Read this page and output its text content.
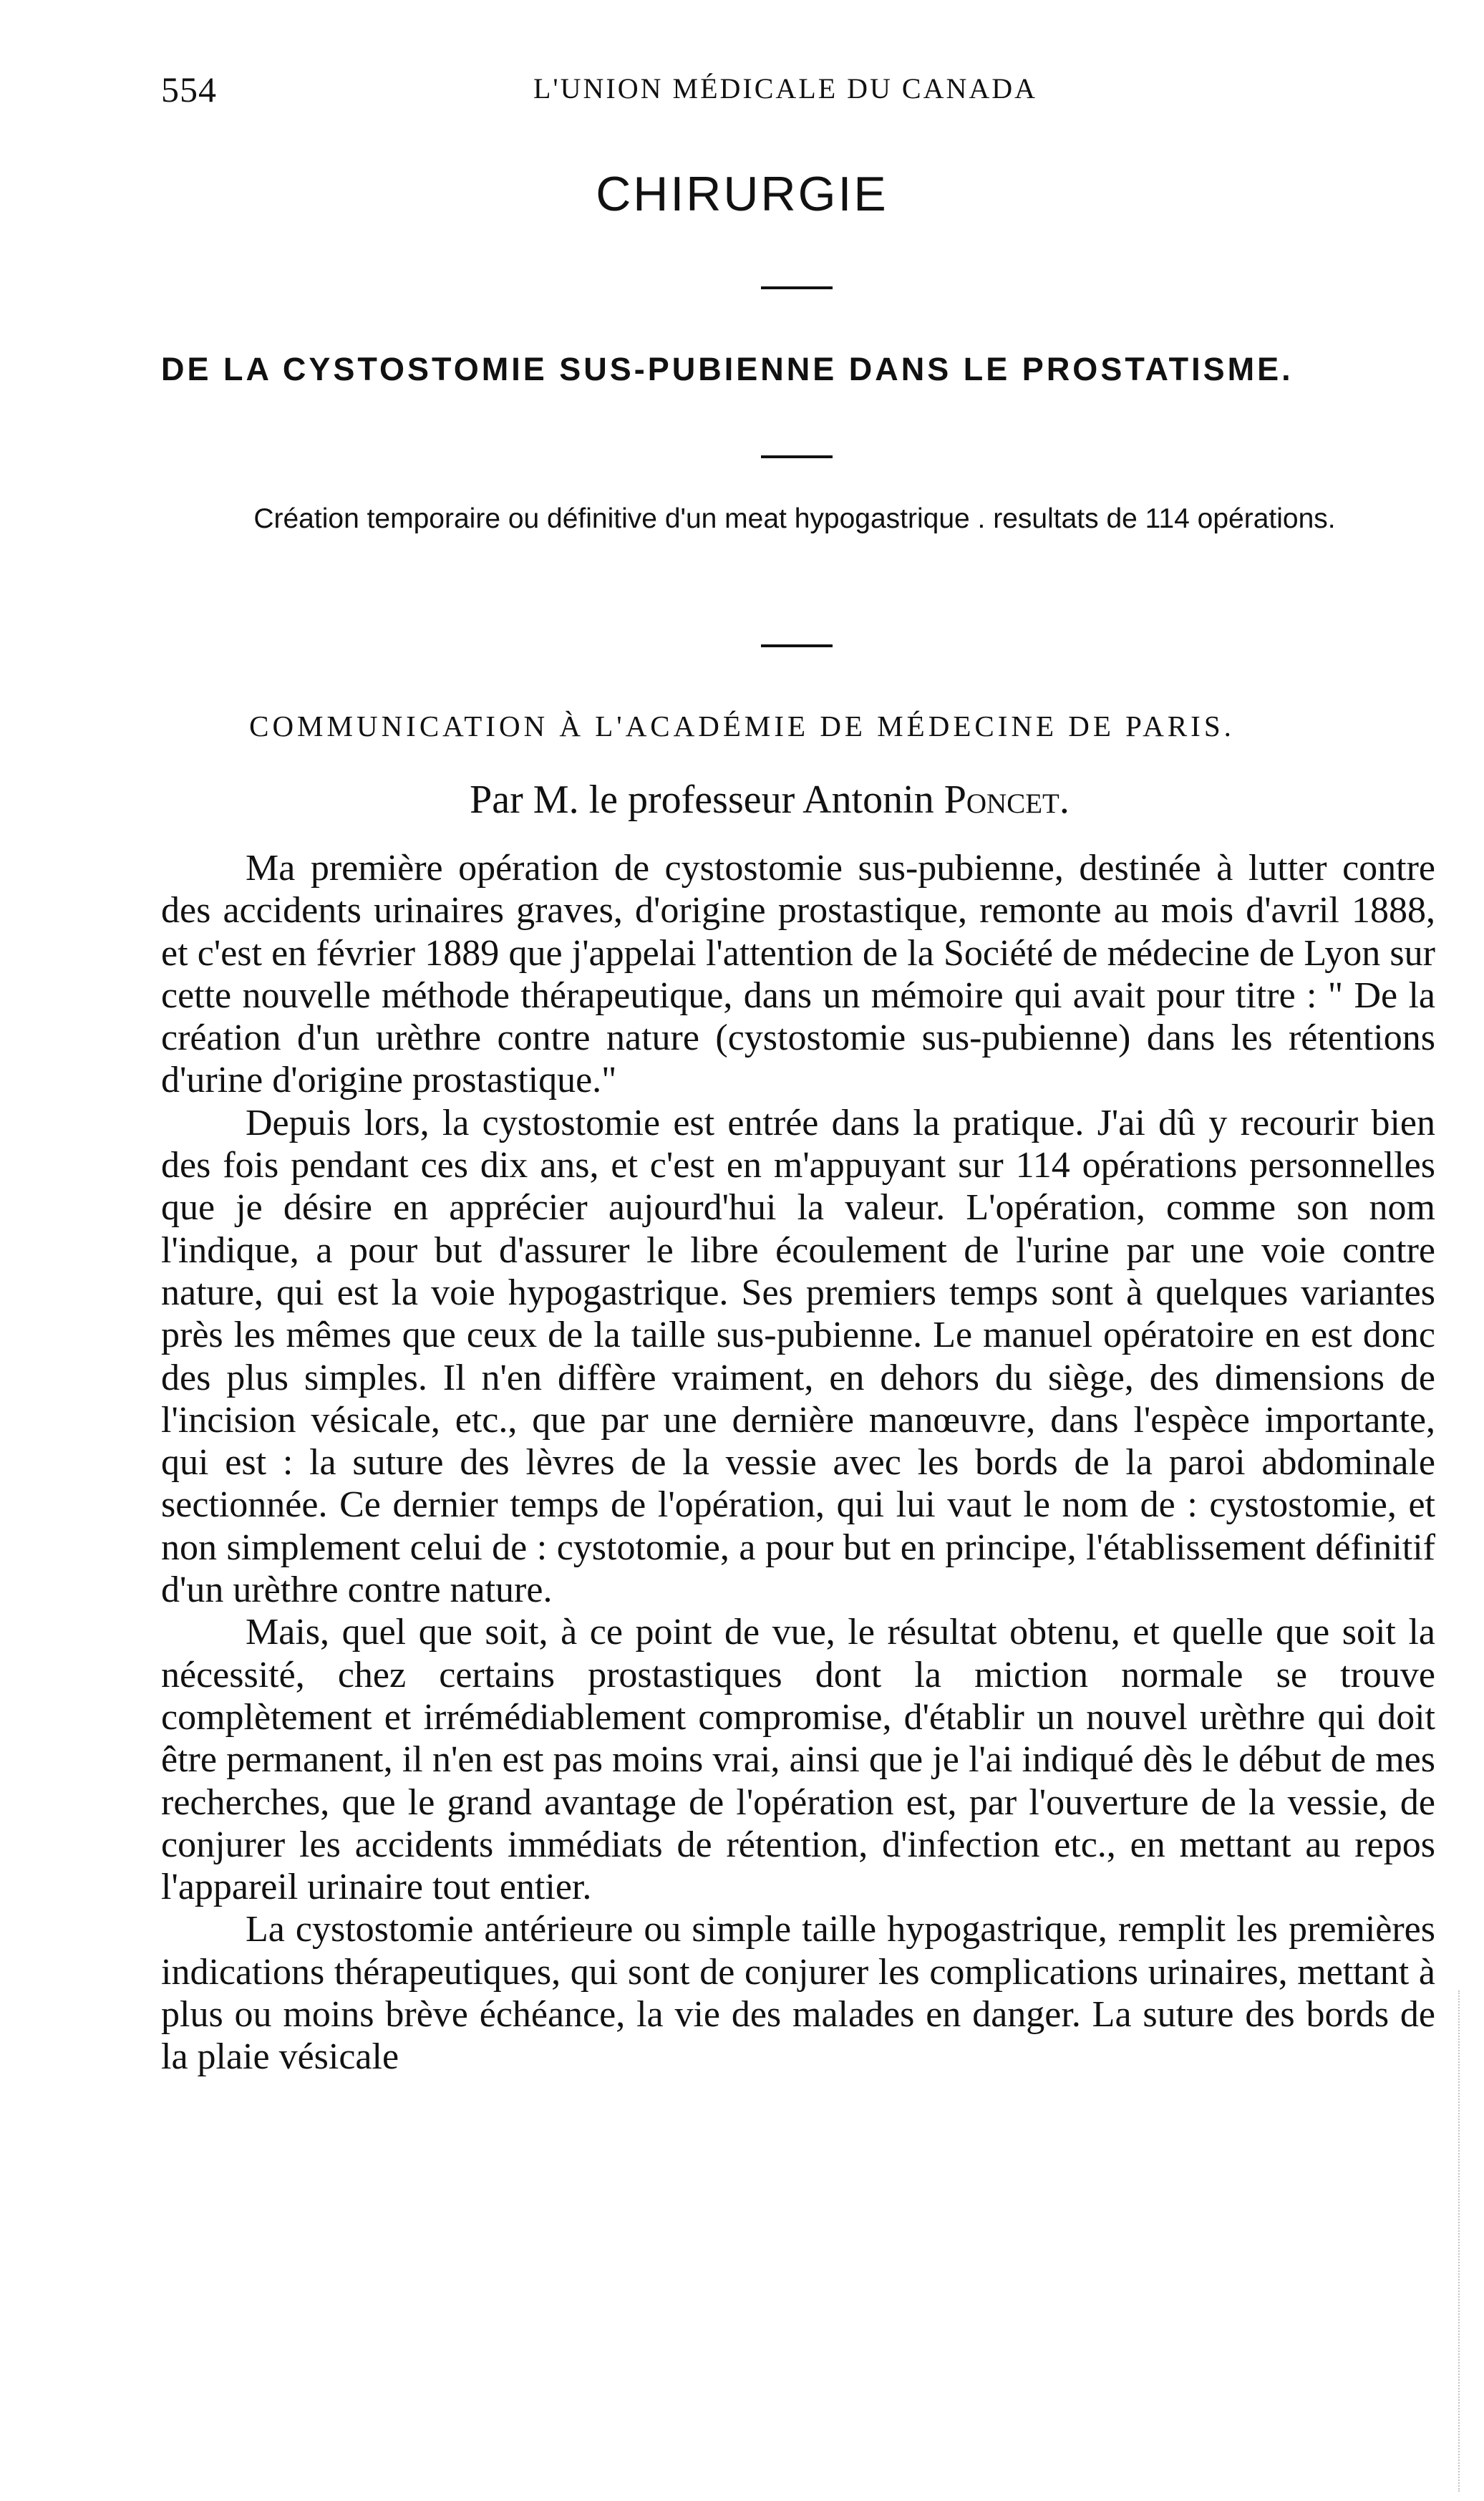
554	L'UNION MÉDICALE DU CANADA
CHIRURGIE
DE LA CYSTOSTOMIE SUS-PUBIENNE DANS LE PROSTATISME.
Création temporaire ou définitive d'un meat hypogastrique . resultats de 114 opérations.
COMMUNICATION À L'ACADÉMIE DE MÉDECINE DE PARIS.
Par M. le professeur Antonin Poncet.

Ma première opération de cystostomie sus-pubienne, destinée à lutter contre des accidents urinaires graves, d'origine prostastique, remonte au mois d'avril 1888, et c'est en février 1889 que j'appelai l'attention de la Société de médecine de Lyon sur cette nouvelle méthode thérapeutique, dans un mémoire qui avait pour titre : " De la création d'un urèthre contre nature (cystostomie sus-pubienne) dans les rétentions d'urine d'origine prostastique."

Depuis lors, la cystostomie est entrée dans la pratique. J'ai dû y recourir bien des fois pendant ces dix ans, et c'est en m'appuyant sur 114 opérations personnelles que je désire en apprécier aujourd'hui la valeur. L'opération, comme son nom l'indique, a pour but d'assurer le libre écoulement de l'urine par une voie contre nature, qui est la voie hypogastrique. Ses premiers temps sont à quelques variantes près les mêmes que ceux de la taille sus-pubienne. Le manuel opératoire en est donc des plus simples. Il n'en diffère vraiment, en dehors du siège, des dimensions de l'incision vésicale, etc., que par une dernière manœuvre, dans l'espèce importante, qui est : la suture des lèvres de la vessie avec les bords de la paroi abdominale sectionnée. Ce dernier temps de l'opération, qui lui vaut le nom de : cystostomie, et non simplement celui de : cystotomie, a pour but en principe, l'établissement définitif d'un urèthre contre nature.

Mais, quel que soit, à ce point de vue, le résultat obtenu, et quelle que soit la nécessité, chez certains prostastiques dont la miction normale se trouve complètement et irrémédiablement compromise, d'établir un nouvel urèthre qui doit être permanent, il n'en est pas moins vrai, ainsi que je l'ai indiqué dès le début de mes recherches, que le grand avantage de l'opération est, par l'ouverture de la vessie, de conjurer les accidents immédiats de rétention, d'infection etc., en mettant au repos l'appareil urinaire tout entier.

La cystostomie antérieure ou simple taille hypogastrique, remplit les premières indications thérapeutiques, qui sont de conjurer les complications urinaires, mettant à plus ou moins brève échéance, la vie des malades en danger. La suture des bords de la plaie vésicale
